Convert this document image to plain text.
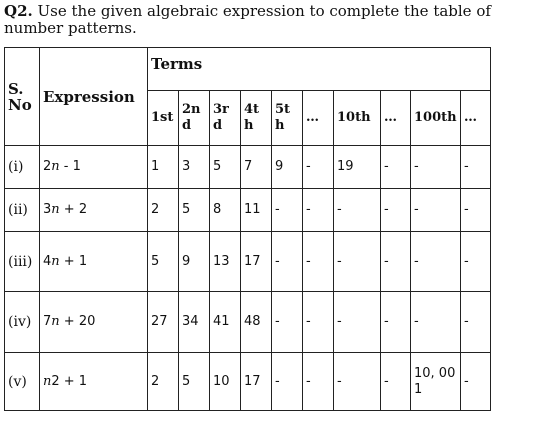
Q2. Use the given algebraic expression to complete the table of number patterns.
S. No	Expression	Terms									
		1st	2nd	3rd	4th	5th	…	10th	…	100th	…
(i)	2n - 1	1	3	5	7	9	-	19	-	-	-
(ii)	3n + 2	2	5	8	11	-	-	-	-	-	-
(iii)	4n + 1	5	9	13	17	-	-	-	-	-	-
(iv)	7n + 20	27	34	41	48	-	-	-	-	-	-
(v)	n2 + 1	2	5	10	17	-	-	-	-	10, 001	-
